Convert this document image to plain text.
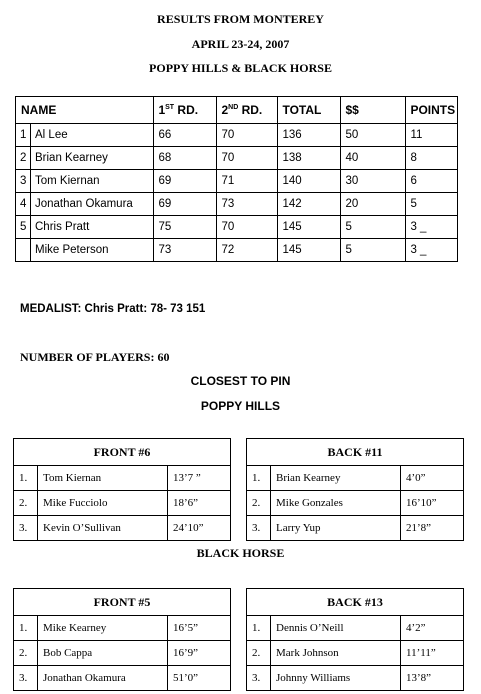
RESULTS FROM MONTEREY
APRIL 23-24, 2007
POPPY HILLS & BLACK HORSE
NAME		1ST RD.	2ND RD.	TOTAL	$$	POINTS
1	Al Lee	66	70	136	50	11
2	Brian Kearney	68	70	138	40	8
3	Tom Kiernan	69	71	140	30	6
4	Jonathan Okamura	69	73	142	20	5
5	Chris Pratt	75	70	145	5	3 _
	Mike Peterson	73	72	145	5	3 _
MEDALIST: Chris Pratt: 78- 73 151
NUMBER OF PLAYERS: 60
CLOSEST TO PIN
POPPY HILLS
FRONT #6		
1.	Tom Kiernan	13’7 ”
2.	Mike Fucciolo	18’6”
3.	Kevin O’Sullivan	24’10”
BACK #11		
1.	Brian Kearney	4’0”
2.	Mike Gonzales	16’10”
3.	Larry Yup	21’8”
BLACK HORSE
FRONT #5		
1.	Mike Kearney	16’5”
2.	Bob Cappa	16’9”
3.	Jonathan Okamura	51’0”
BACK #13		
1.	Dennis O’Neill	4’2”
2.	Mark Johnson	11’11”
3.	Johnny Williams	13’8”
